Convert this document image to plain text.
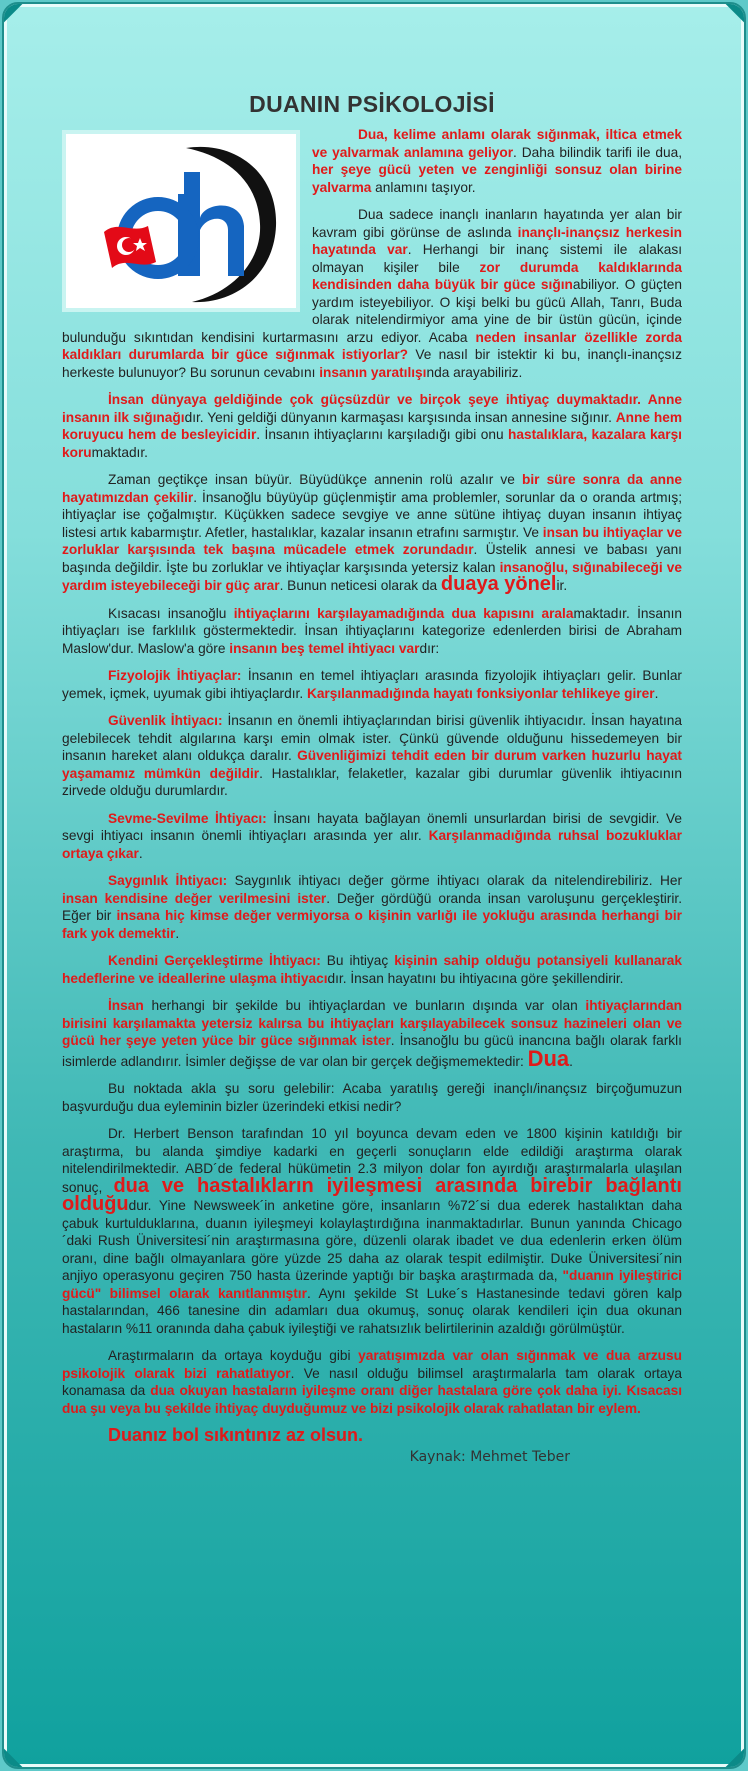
DUANIN PSİKOLOJİSİ

Dua, kelime anlamı olarak sığınmak, iltica etmek ve yalvarmak anlamına geliyor. Daha bilindik tarifi ile dua, her şeye gücü yeten ve zenginliği sonsuz olan birine yalvarma anlamını taşıyor.

Dua sadece inançlı inanların hayatında yer alan bir kavram gibi görünse de aslında inançlı-inançsız herkesin hayatında var. Herhangi bir inanç sistemi ile alakası olmayan kişiler bile zor durumda kaldıklarında kendisinden daha büyük bir güce sığınabiliyor. O güçten yardım isteyebiliyor. O kişi belki bu gücü Allah, Tanrı, Buda olarak nitelendirmiyor ama yine de bir üstün gücün, içinde bulunduğu sıkıntıdan kendisini kurtarmasını arzu ediyor. Acaba neden insanlar özellikle zorda kaldıkları durumlarda bir güce sığınmak istiyorlar? Ve nasıl bir istektir ki bu, inançlı-inançsız herkeste bulunuyor? Bu sorunun cevabını insanın yaratılışında arayabiliriz.

İnsan dünyaya geldiğinde çok güçsüzdür ve birçok şeye ihtiyaç duymaktadır. Anne insanın ilk sığınağıdır. Yeni geldiği dünyanın karmaşası karşısında insan annesine sığınır. Anne hem koruyucu hem de besleyicidir. İnsanın ihtiyaçlarını karşıladığı gibi onu hastalıklara, kazalara karşı korumaktadır.

Zaman geçtikçe insan büyür. Büyüdükçe annenin rolü azalır ve bir süre sonra da anne hayatımızdan çekilir. İnsanoğlu büyüyüp güçlenmiştir ama problemler, sorunlar da o oranda artmış; ihtiyaçlar ise çoğalmıştır. Küçükken sadece sevgiye ve anne sütüne ihtiyaç duyan insanın ihtiyaç listesi artık kabarmıştır. Afetler, hastalıklar, kazalar insanın etrafını sarmıştır. Ve insan bu ihtiyaçlar ve zorluklar karşısında tek başına mücadele etmek zorundadır. Üstelik annesi ve babası yanı başında değildir. İşte bu zorluklar ve ihtiyaçlar karşısında yetersiz kalan insanoğlu, sığınabileceği ve yardım isteyebileceği bir güç arar. Bunun neticesi olarak da duaya yönelir.

Kısacası insanoğlu ihtiyaçlarını karşılayamadığında dua kapısını aralamaktadır. İnsanın ihtiyaçları ise farklılık göstermektedir. İnsan ihtiyaçlarını kategorize edenlerden birisi de Abraham Maslow'dur. Maslow'a göre insanın beş temel ihtiyacı vardır:

Fizyolojik İhtiyaçlar: İnsanın en temel ihtiyaçları arasında fizyolojik ihtiyaçları gelir. Bunlar yemek, içmek, uyumak gibi ihtiyaçlardır. Karşılanmadığında hayatı fonksiyonlar tehlikeye girer.

Güvenlik İhtiyacı: İnsanın en önemli ihtiyaçlarından birisi güvenlik ihtiyacıdır. İnsan hayatına gelebilecek tehdit algılarına karşı emin olmak ister. Çünkü güvende olduğunu hissedemeyen bir insanın hareket alanı oldukça daralır. Güvenliğimizi tehdit eden bir durum varken huzurlu hayat yaşamamız mümkün değildir. Hastalıklar, felaketler, kazalar gibi durumlar güvenlik ihtiyacının zirvede olduğu durumlardır.

Sevme-Sevilme İhtiyacı: İnsanı hayata bağlayan önemli unsurlardan birisi de sevgidir. Ve sevgi ihtiyacı insanın önemli ihtiyaçları arasında yer alır. Karşılanmadığında ruhsal bozukluklar ortaya çıkar.

Saygınlık İhtiyacı: Saygınlık ihtiyacı değer görme ihtiyacı olarak da nitelendirebiliriz. Her insan kendisine değer verilmesini ister. Değer gördüğü oranda insan varoluşunu gerçekleştirir. Eğer bir insana hiç kimse değer vermiyorsa o kişinin varlığı ile yokluğu arasında herhangi bir fark yok demektir.

Kendini Gerçekleştirme İhtiyacı: Bu ihtiyaç kişinin sahip olduğu potansiyeli kullanarak hedeflerine ve ideallerine ulaşma ihtiyacıdır. İnsan hayatını bu ihtiyacına göre şekillendirir.

İnsan herhangi bir şekilde bu ihtiyaçlardan ve bunların dışında var olan ihtiyaçlarından birisini karşılamakta yetersiz kalırsa bu ihtiyaçları karşılayabilecek sonsuz hazineleri olan ve gücü her şeye yeten yüce bir güce sığınmak ister. İnsanoğlu bu gücü inancına bağlı olarak farklı isimlerde adlandırır. İsimler değişse de var olan bir gerçek değişmemektedir: Dua.

Bu noktada akla şu soru gelebilir: Acaba yaratılış gereği inançlı/inançsız birçoğumuzun başvurduğu dua eyleminin bizler üzerindeki etkisi nedir?

Dr. Herbert Benson tarafından 10 yıl boyunca devam eden ve 1800 kişinin katıldığı bir araştırma, bu alanda şimdiye kadarki en geçerli sonuçların elde edildiği araştırma olarak nitelendirilmektedir. ABD´de federal hükümetin 2.3 milyon dolar fon ayırdığı araştırmalarla ulaşılan sonuç, dua ve hastalıkların iyileşmesi arasında birebir bağlantı olduğudur. Yine Newsweek´in anketine göre, insanların %72´si dua ederek hastalıktan daha çabuk kurtulduklarına, duanın iyileşmeyi kolaylaştırdığına inanmaktadırlar. Bunun yanında Chicago´daki Rush Üniversitesi´nin araştırmasına göre, düzenli olarak ibadet ve dua edenlerin erken ölüm oranı, dine bağlı olmayanlara göre yüzde 25 daha az olarak tespit edilmiştir. Duke Üniversitesi´nin anjiyo operasyonu geçiren 750 hasta üzerinde yaptığı bir başka araştırmada da, "duanın iyileştirici gücü" bilimsel olarak kanıtlanmıştır. Aynı şekilde St Luke´s Hastanesinde tedavi gören kalp hastalarından, 466 tanesine din adamları dua okumuş, sonuç olarak kendileri için dua okunan hastaların %11 oranında daha çabuk iyileştiği ve rahatsızlık belirtilerinin azaldığı görülmüştür.

Araştırmaların da ortaya koyduğu gibi yaratışımızda var olan sığınmak ve dua arzusu psikolojik olarak bizi rahatlatıyor. Ve nasıl olduğu bilimsel araştırmalarla tam olarak ortaya konamasa da dua okuyan hastaların iyileşme oranı diğer hastalara göre çok daha iyi. Kısacası dua şu veya bu şekilde ihtiyaç duyduğumuz ve bizi psikolojik olarak rahatlatan bir eylem.

Duanız bol sıkıntınız az olsun.
Kaynak: Mehmet Teber
